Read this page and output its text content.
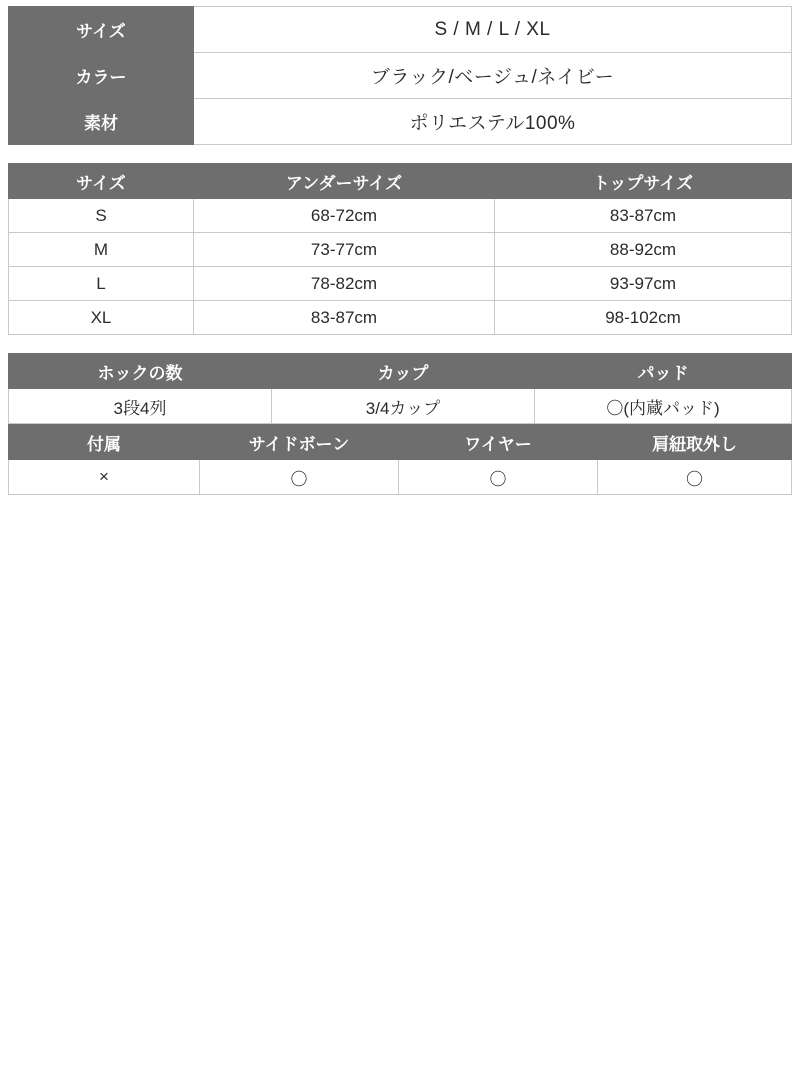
サイズ	S / M / L / XL
カラー	ブラック/ベージュ/ネイビー
素材	ポリエステル100%
サイズ	アンダーサイズ	トップサイズ
S	68-72cm	83-87cm
M	73-77cm	88-92cm
L	78-82cm	93-97cm
XL	83-87cm	98-102cm
ホックの数	カップ	パッド
3段4列	3/4カップ	〇(内蔵パッド)
付属	サイドボーン	ワイヤー	肩紐取外し
×	〇	〇	〇
